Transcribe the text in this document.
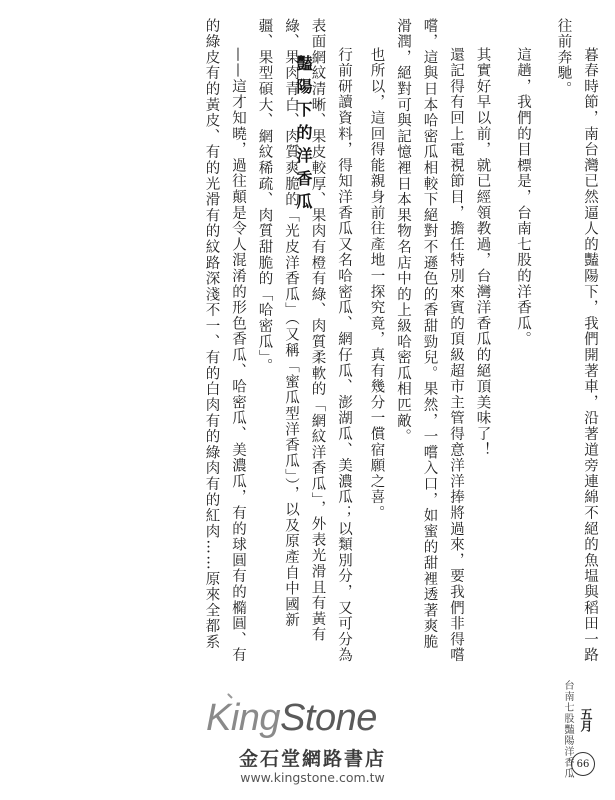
暮春時節，南台灣已然逼人的豔陽下，我們開著車，沿著道旁連綿不絕的魚塭與稻田一路
往前奔馳。
這趟，我們的目標是，台南七股的洋香瓜。
其實好早以前，就已經領教過，台灣洋香瓜的絕頂美味了！
還記得有回上電視節目，擔任特別來賓的頂級超市主管得意洋洋捧將過來，要我們非得嚐
嚐，這與日本哈密瓜相較下絕對不遜色的香甜勁兒。果然，一嚐入口，如蜜的甜裡透著爽脆
滑潤，絕對可與記憶裡日本果物名店中的上級哈密瓜相匹敵。
也所以，這回得能親身前往產地一探究竟，真有幾分一償宿願之喜。
豔陽下的洋香瓜	行前研讀資料，得知洋香瓜又名哈密瓜、網仔瓜、澎湖瓜、美濃瓜；以類別分，又可分為
表面網紋清晰、果皮較厚、果肉有橙有綠、肉質柔軟的「網紋洋香瓜」，外表光滑且有黃有
綠、果肉青白、肉質爽脆的「光皮洋香瓜」（又稱「蜜瓜型洋香瓜」），以及原產自中國新
疆、果型碩大、網紋稀疏、肉質甜脆的「哈密瓜」。
——這才知曉，過往顛是令人混淆的形色香瓜、哈密瓜、美濃瓜，有的球圓有的橢圓、有
的綠皮有的黃皮、有的光滑有的紋路深淺不一、有的白肉有的綠肉有的紅肉……原來全都系
台南七股豔陽洋香瓜 五月
66
KingStone
金石堂網路書店
www.kingstone.com.tw
